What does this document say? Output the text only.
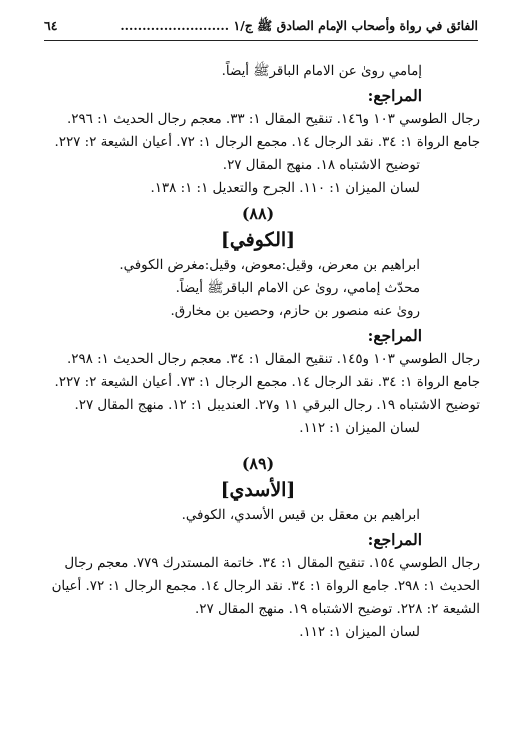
الفائق في رواة وأصحاب الإمام الصادق ﷺ ج/١ .........................
٦٤
إمامي روىٰ عن الامام الباقرﷺ أيضاً.
المراجع:
رجال الطوسي ١٠٣ و١٤٦. تنقيح المقال ١: ٣٣. معجم رجال الحديث ١: ٢٩٦.
جامع الرواة ١: ٣٤. نقد الرجال ١٤. مجمع الرجال ١: ٧٢. أعيان الشيعة ٢: ٢٢٧.
توضيح الاشتباه ١٨. منهج المقال ٢٧.
لسان الميزان ١: ١١٠. الجرح والتعديل ١: ١: ١٣٨.
(٨٨)
[الكوفي]
ابراهيم بن معرض، وقيل:معوض، وقيل:مغرض الكوفي.
محدّث إمامي، روىٰ عن الامام الباقرﷺ أيضاً.
روىٰ عنه منصور بن حازم، وحصين بن مخارق.
المراجع:
رجال الطوسي ١٠٣ و١٤٥. تنقيح المقال ١: ٣٤. معجم رجال الحديث ١: ٢٩٨.
جامع الرواة ١: ٣٤. نقد الرجال ١٤. مجمع الرجال ١: ٧٣. أعيان الشيعة ٢: ٢٢٧.
توضيح الاشتباه ١٩. رجال البرقي ١١ و٢٧. العنديبل ١: ١٢. منهج المقال ٢٧.
لسان الميزان ١: ١١٢.
(٨٩)
[الأسدي]
ابراهيم بن معقل بن قيس الأسدي، الكوفي.
المراجع:
رجال الطوسي ١٥٤. تنقيح المقال ١: ٣٤. خاتمة المستدرك ٧٧٩. معجم رجال
الحديث ١: ٢٩٨. جامع الرواة ١: ٣٤. نقد الرجال ١٤. مجمع الرجال ١: ٧٢. أعيان
الشيعة ٢: ٢٢٨. توضيح الاشتباه ١٩. منهج المقال ٢٧.
لسان الميزان ١: ١١٢.
